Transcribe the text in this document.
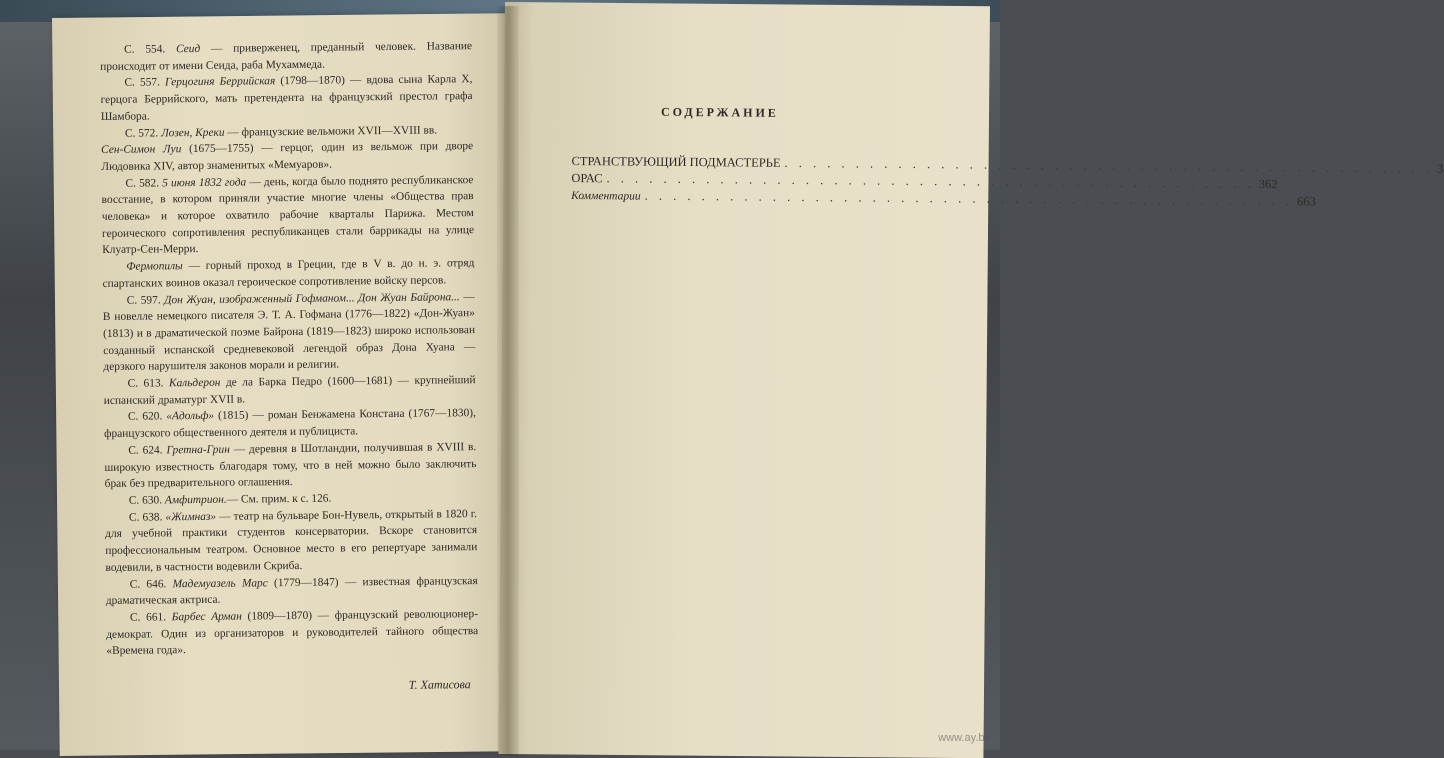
С. 554. Сеид — приверженец, преданный человек. Название происходит от имени Сеида, раба Мухаммеда.

С. 557. Герцогиня Беррийская (1798—1870) — вдова сына Карла X, герцога Беррийского, мать претендента на французский престол графа Шамбора.

С. 572. Лозен, Креки — французские вельможи XVII—XVIII вв.

Сен-Симон Луи (1675—1755) — герцог, один из вельмож при дворе Людовика XIV, автор знаменитых «Мемуаров».

С. 582. 5 июня 1832 года — день, когда было поднято республиканское восстание, в котором приняли участие многие члены «Общества прав человека» и которое охватило рабочие кварталы Парижа. Местом героического сопротивления республиканцев стали баррикады на улице Клуатр-Сен-Мерри.

Фермопилы — горный проход в Греции, где в V в. до н. э. отряд спартанских воинов оказал героическое сопротивление войску персов.

С. 597. Дон Жуан, изображенный Гофманом... Дон Жуан Байрона... — В новелле немецкого писателя Э. Т. А. Гофмана (1776—1822) «Дон-Жуан» (1813) и в драматической поэме Байрона (1819—1823) широко использован созданный испанской средневековой легендой образ Дона Хуана — дерзкого нарушителя законов морали и религии.

С. 613. Кальдерон де ла Барка Педро (1600—1681) — крупнейший испанский драматург XVII в.

С. 620. «Адольф» (1815) — роман Бенжамена Констана (1767—1830), французского общественного деятеля и публициста.

С. 624. Гретна-Грин — деревня в Шотландии, получившая в XVIII в. широкую известность благодаря тому, что в ней можно было заключить брак без предварительного оглашения.

С. 630. Амфитрион.— См. прим. к с. 126.

С. 638. «Жимназ» — театр на бульваре Бон-Нувель, открытый в 1820 г. для учебной практики студентов консерватории. Вскоре становится профессиональным театром. Основное место в его репертуаре занимали водевили, в частности водевили Скриба.

С. 646. Мадемуазель Марс (1779—1847) — известная французская драматическая актриса.

С. 661. Барбес Арман (1809—1870) — французский революционер-демократ. Один из организаторов и руководителей тайного общества «Времена года».

Т. Хатисова

СОДЕРЖАНИЕ
СТРАНСТВУЮЩИЙ ПОДМАСТЕРЬЕ . . . . . . . . . . . . . . . . . . . . . . . . . . . . . . . . . . . . . . . . . . . . . . 3
ОРАС . . . . . . . . . . . . . . . . . . . . . . . . . . . . . . . . . . . . . . . . . . . . . . 362
Комментарии . . . . . . . . . . . . . . . . . . . . . . . . . . . . . . . . . . . . . . . . . . . . . . 663
www.ay.by
